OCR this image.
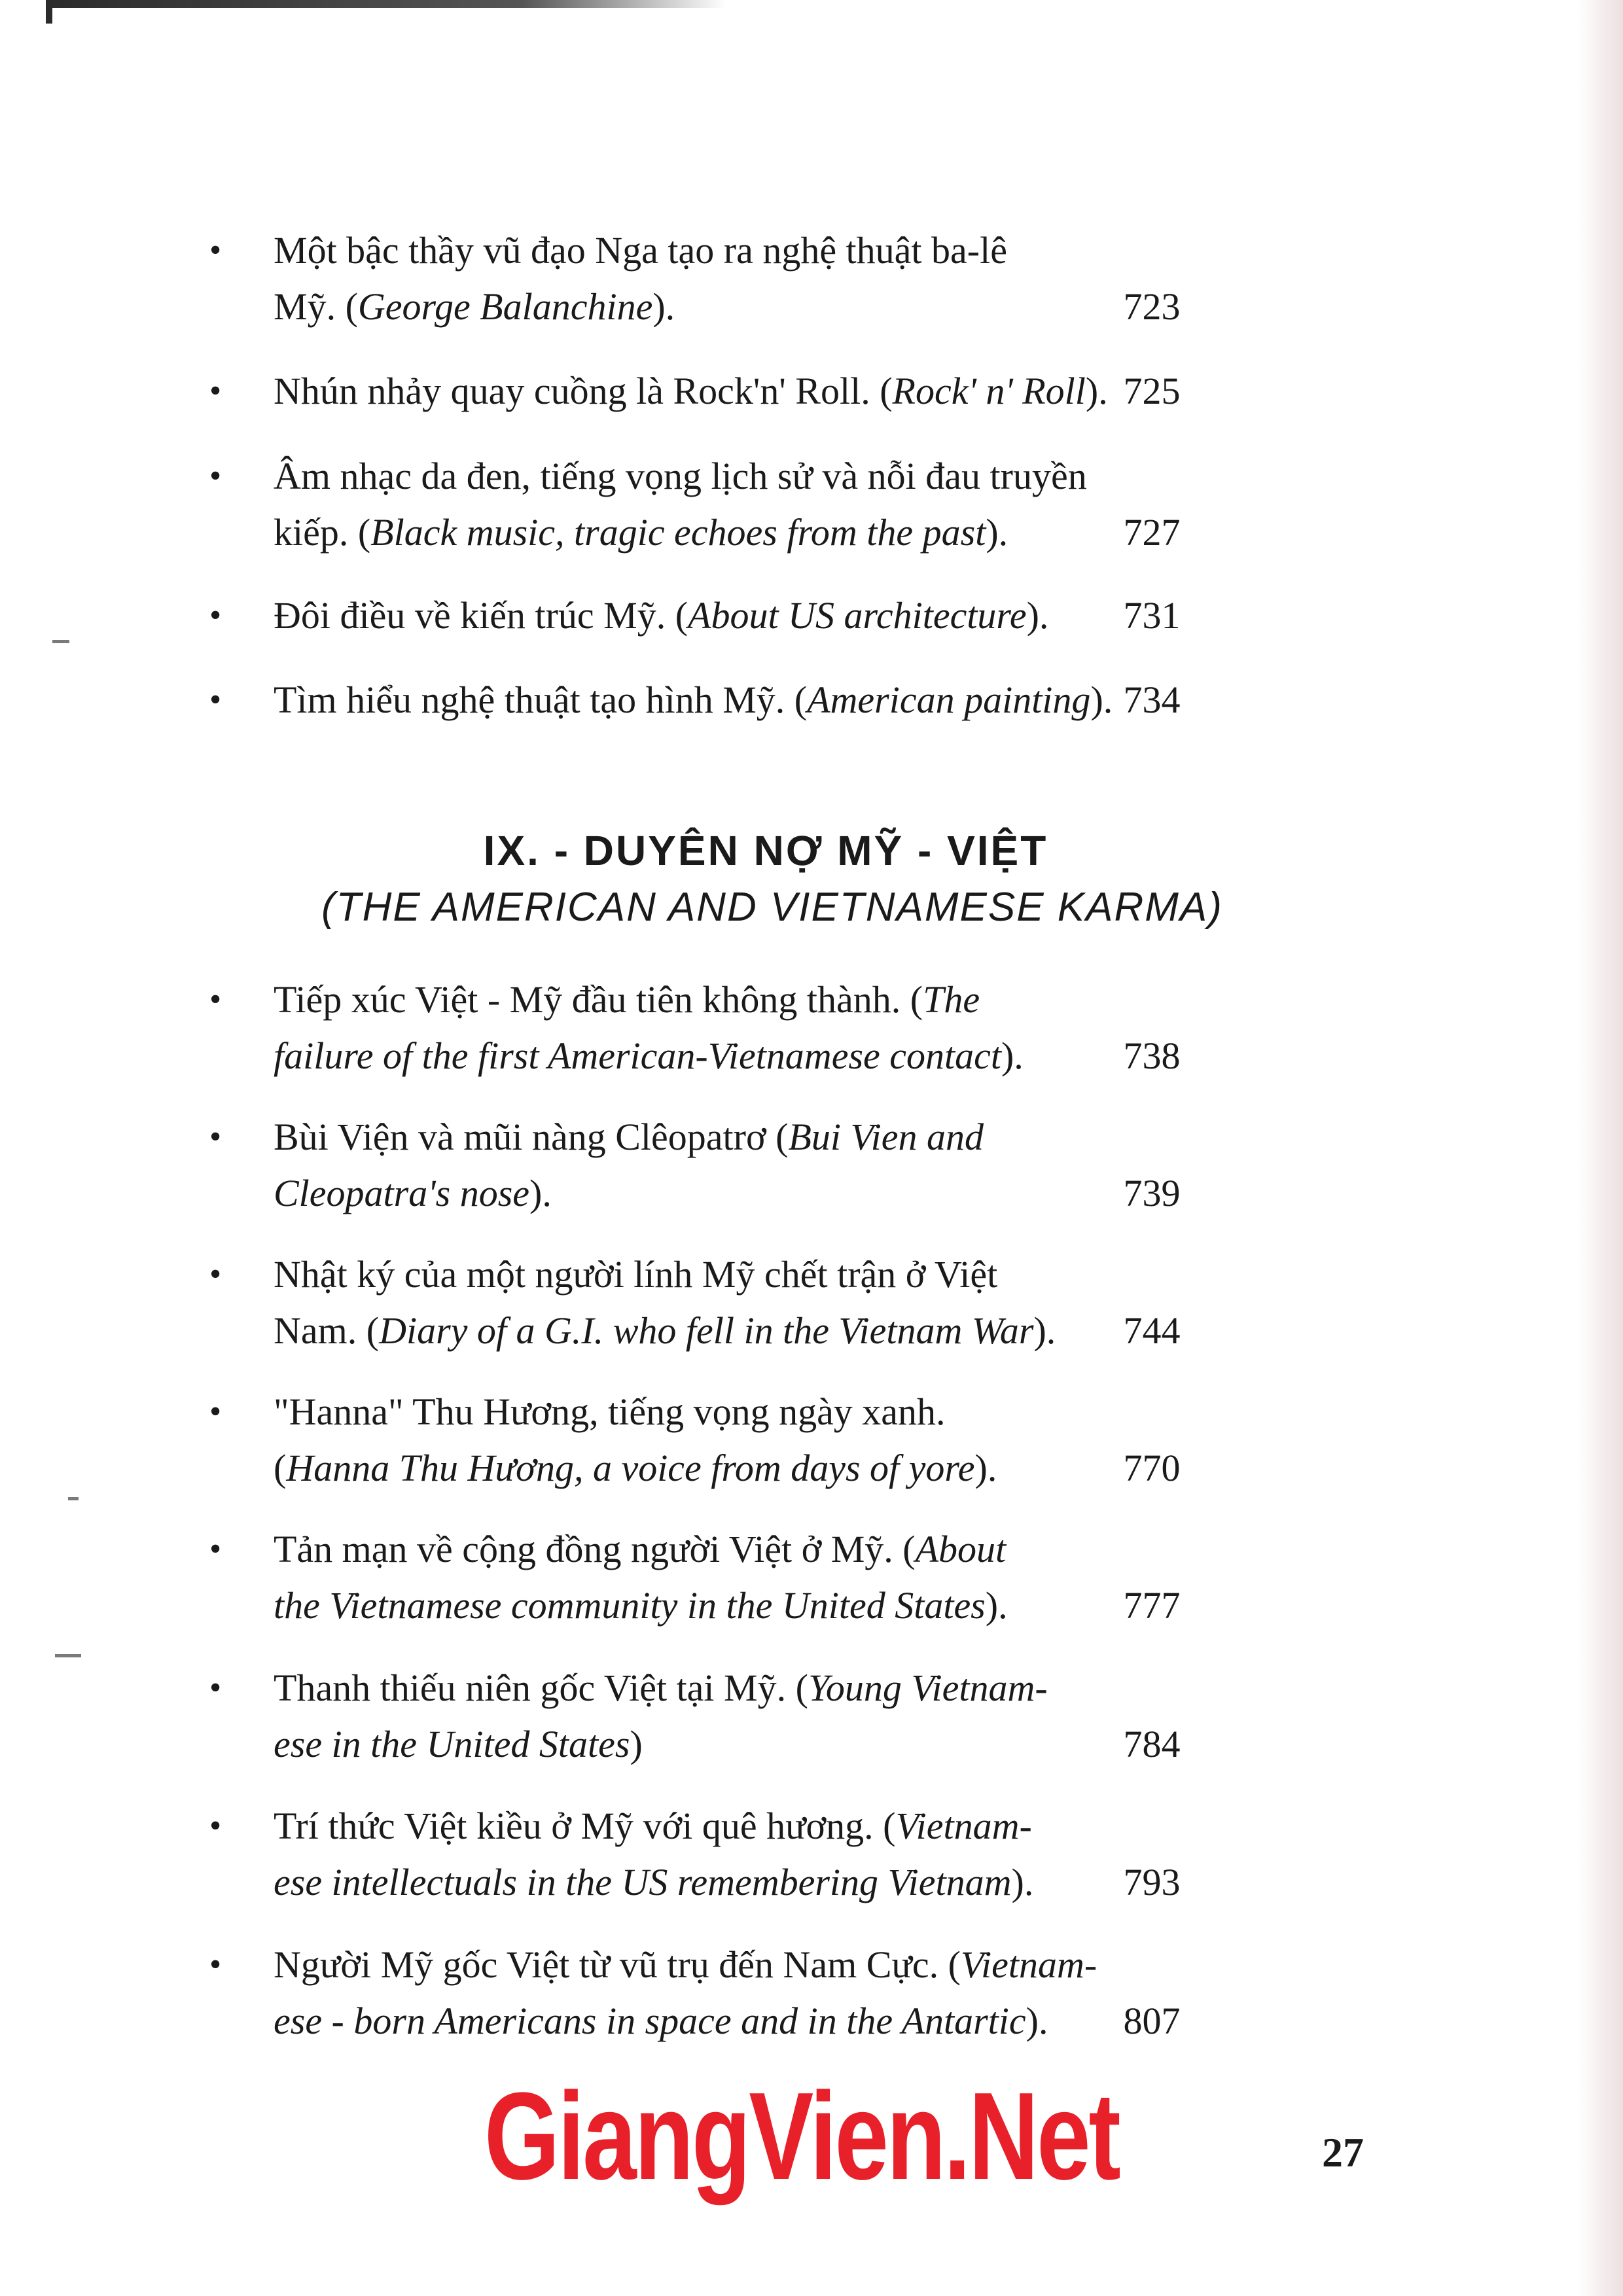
• Một bậc thầy vũ đạo Nga tạo ra nghệ thuật ba-lê
Mỹ. (George Balanchine).	723
• Nhún nhảy quay cuồng là Rock'n' Roll. (Rock' n' Roll). 725
• Âm nhạc da đen, tiếng vọng lịch sử và nỗi đau truyền
kiếp. (Black music, tragic echoes from the past).	727
• Đôi điều về kiến trúc Mỹ. (About US architecture).	731
• Tìm hiểu nghệ thuật tạo hình Mỹ. (American painting). 734
• Tiếp xúc Việt - Mỹ đầu tiên không thành. (The
failure of the first American-Vietnamese contact).	738
• Bùi Viện và mũi nàng Clêopatrơ (Bui Vien and
Cleopatra's nose).	739
• Nhật ký của một người lính Mỹ chết trận ở Việt
Nam. (Diary of a G.I. who fell in the Vietnam War).	744
• "Hanna" Thu Hương, tiếng vọng ngày xanh.
(Hanna Thu Hương, a voice from days of yore).	770
• Tản mạn về cộng đồng người Việt ở Mỹ. (About
the Vietnamese community in the United States).	777
• Thanh thiếu niên gốc Việt tại Mỹ. (Young Vietnam-
ese in the United States)	784
• Trí thức Việt kiều ở Mỹ với quê hương. (Vietnam-
ese intellectuals in the US remembering Vietnam).	793
• Người Mỹ gốc Việt từ vũ trụ đến Nam Cực. (Vietnam-
ese - born Americans in space and in the Antartic).	807
IX. - DUYÊN NỢ MỸ - VIỆT
(THE AMERICAN AND VIETNAMESE KARMA)
GiangVien.Net	27
